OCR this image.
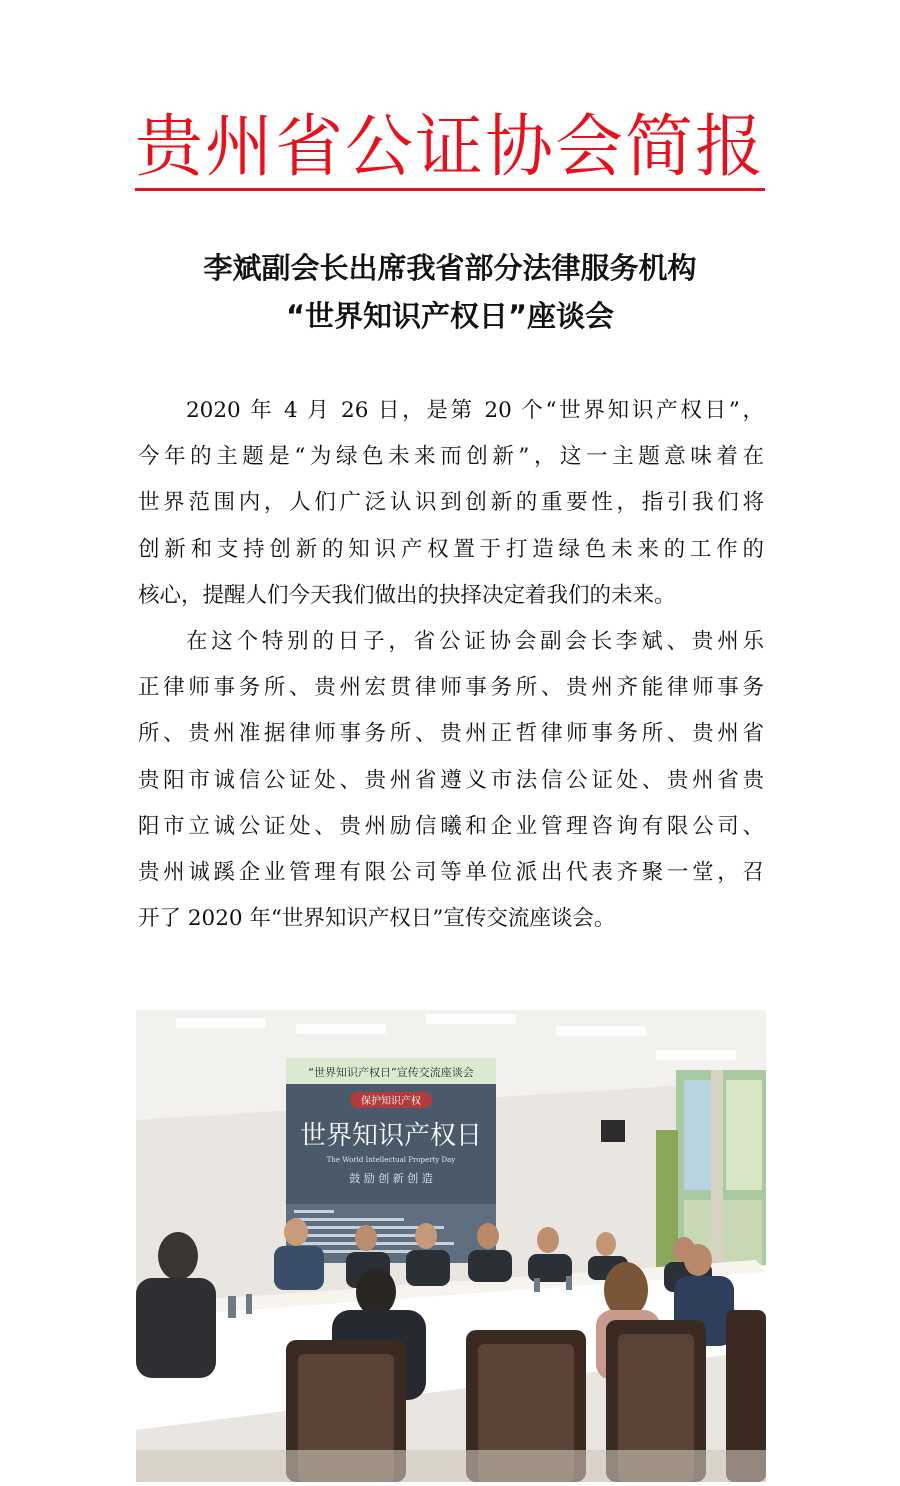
贵州省公证协会简报
李斌副会长出席我省部分法律服务机构
“世界知识产权日”座谈会
2020 年 4 月 26 日，是第 20 个“世界知识产权日”，
今年的主题是“为绿色未来而创新”，这一主题意味着在
世界范围内，人们广泛认识到创新的重要性，指引我们将
创新和支持创新的知识产权置于打造绿色未来的工作的
核心，提醒人们今天我们做出的抉择决定着我们的未来。
在这个特别的日子，省公证协会副会长李斌、贵州乐
正律师事务所、贵州宏贯律师事务所、贵州齐能律师事务
所、贵州准据律师事务所、贵州正哲律师事务所、贵州省
贵阳市诚信公证处、贵州省遵义市法信公证处、贵州省贵
阳市立诚公证处、贵州励信曦和企业管理咨询有限公司、
贵州诚蹊企业管理有限公司等单位派出代表齐聚一堂，召
开了 2020 年“世界知识产权日”宣传交流座谈会。
“世界知识产权日”宣传交流座谈会
保护知识产权
世界知识产权日
The World Intellectual Property Day
鼓 励 创 新 创 造
